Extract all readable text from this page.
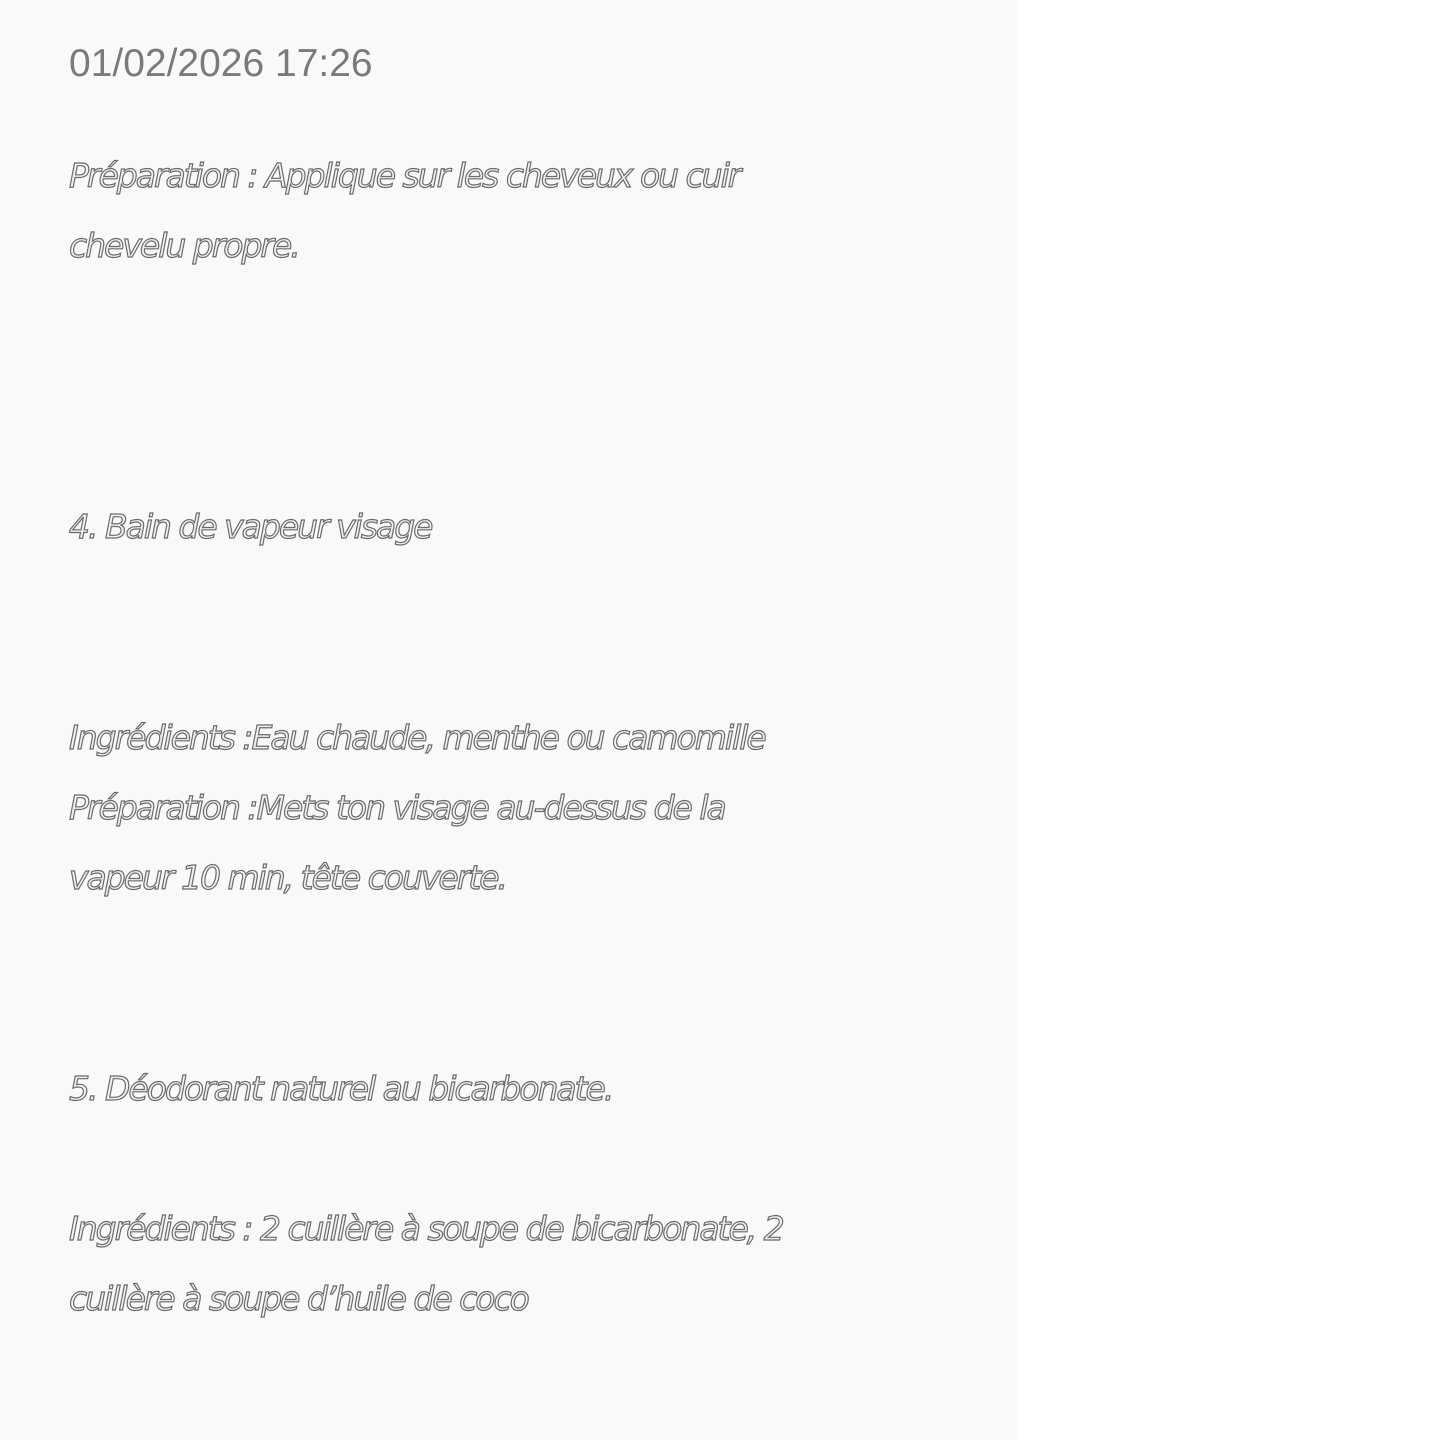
01/02/2026 17:26
Préparation : Applique sur les cheveux ou cuir
chevelu propre.
4. Bain de vapeur visage
Ingrédients :Eau chaude, menthe ou camomille
Préparation :Mets ton visage au-dessus de la
vapeur 10 min, tête couverte.
5. Déodorant naturel au bicarbonate.
Ingrédients : 2 cuillère à soupe de bicarbonate, 2
cuillère à soupe d’huile de coco
